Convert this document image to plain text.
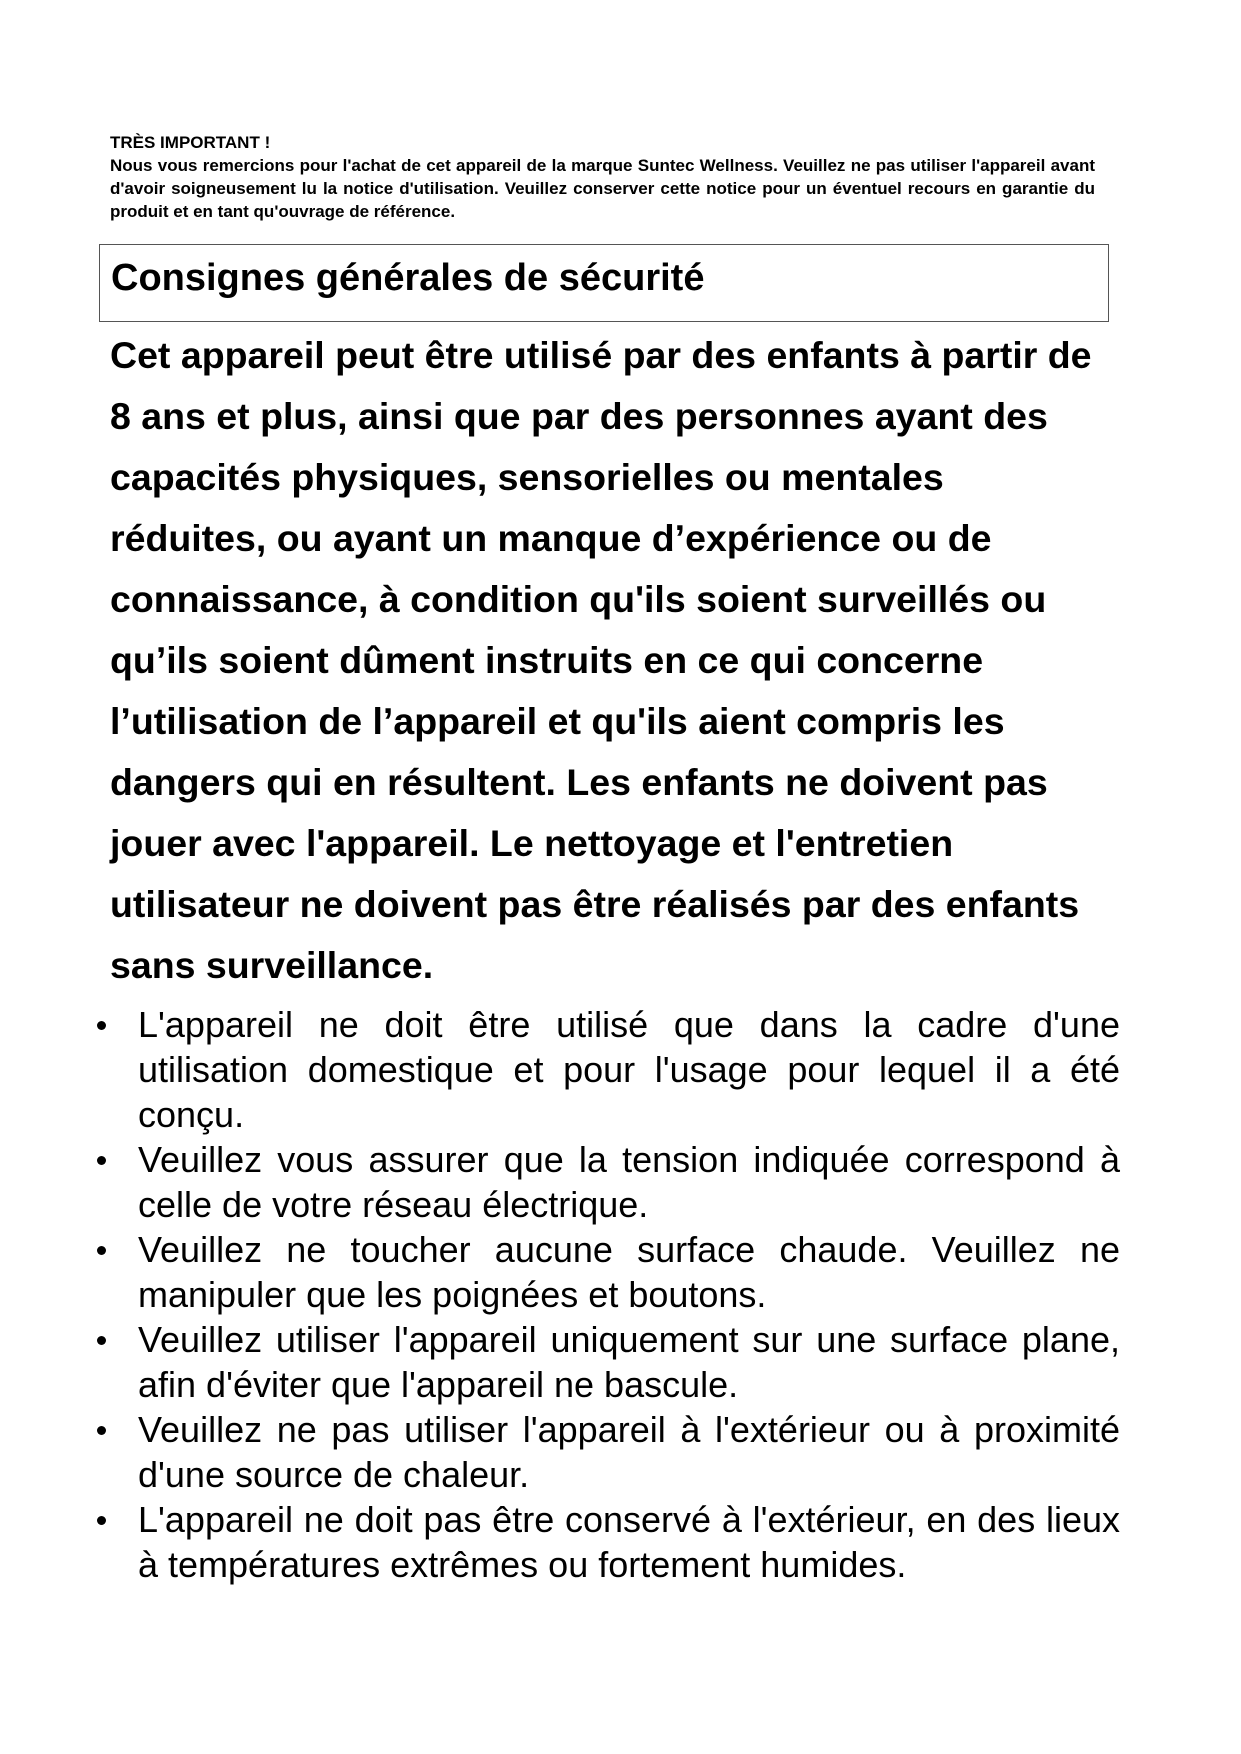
TRÈS IMPORTANT !
Nous vous remercions pour l'achat de cet appareil de la marque Suntec Wellness. Veuillez ne pas utiliser l'appareil avant d'avoir soigneusement lu la notice d'utilisation. Veuillez conserver cette notice pour un éventuel recours en garantie du produit et en tant qu'ouvrage de référence.
Consignes générales de sécurité
Cet appareil peut être utilisé par des enfants à partir de 8 ans et plus, ainsi que par des personnes ayant des capacités physiques, sensorielles ou mentales réduites, ou ayant un manque d’expérience ou de connaissance, à condition qu'ils soient surveillés ou qu’ils soient dûment instruits en ce qui concerne l’utilisation de l’appareil et qu'ils aient compris les dangers qui en résultent. Les enfants ne doivent pas jouer avec l'appareil. Le nettoyage et l'entretien utilisateur ne doivent pas être réalisés par des enfants sans surveillance.
L'appareil ne doit être utilisé que dans la cadre d'une utilisation domestique et pour l'usage pour lequel il a été conçu.
Veuillez vous assurer que la tension indiquée correspond à celle de votre réseau électrique.
Veuillez ne toucher aucune surface chaude. Veuillez ne manipuler que les poignées et boutons.
Veuillez utiliser l'appareil uniquement sur une surface plane, afin d'éviter que l'appareil ne bascule.
Veuillez ne pas utiliser l'appareil à l'extérieur ou à proximité d'une source de chaleur.
L'appareil ne doit pas être conservé à l'extérieur, en des lieux à températures extrêmes ou fortement humides.
